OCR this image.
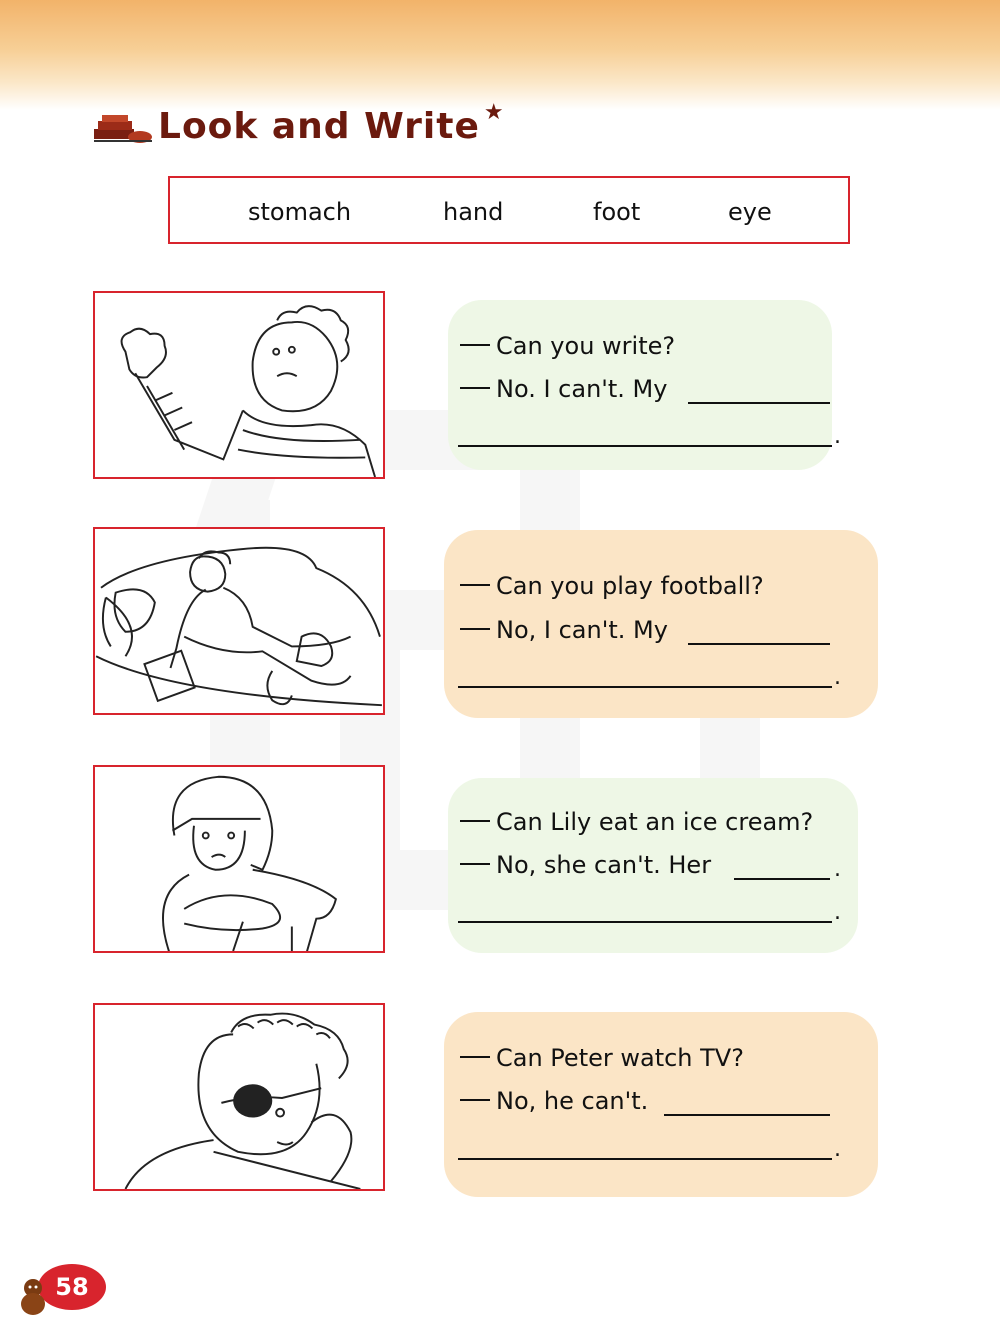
Look and Write ★
stomach	hand	foot	eye
Can you write?
No. I can't. My
.
Can you play football?
No, I can't. My
.
Can Lily eat an ice cream?
No, she can't. Her	.
.
Can Peter watch TV?
No, he can't.
.
58
